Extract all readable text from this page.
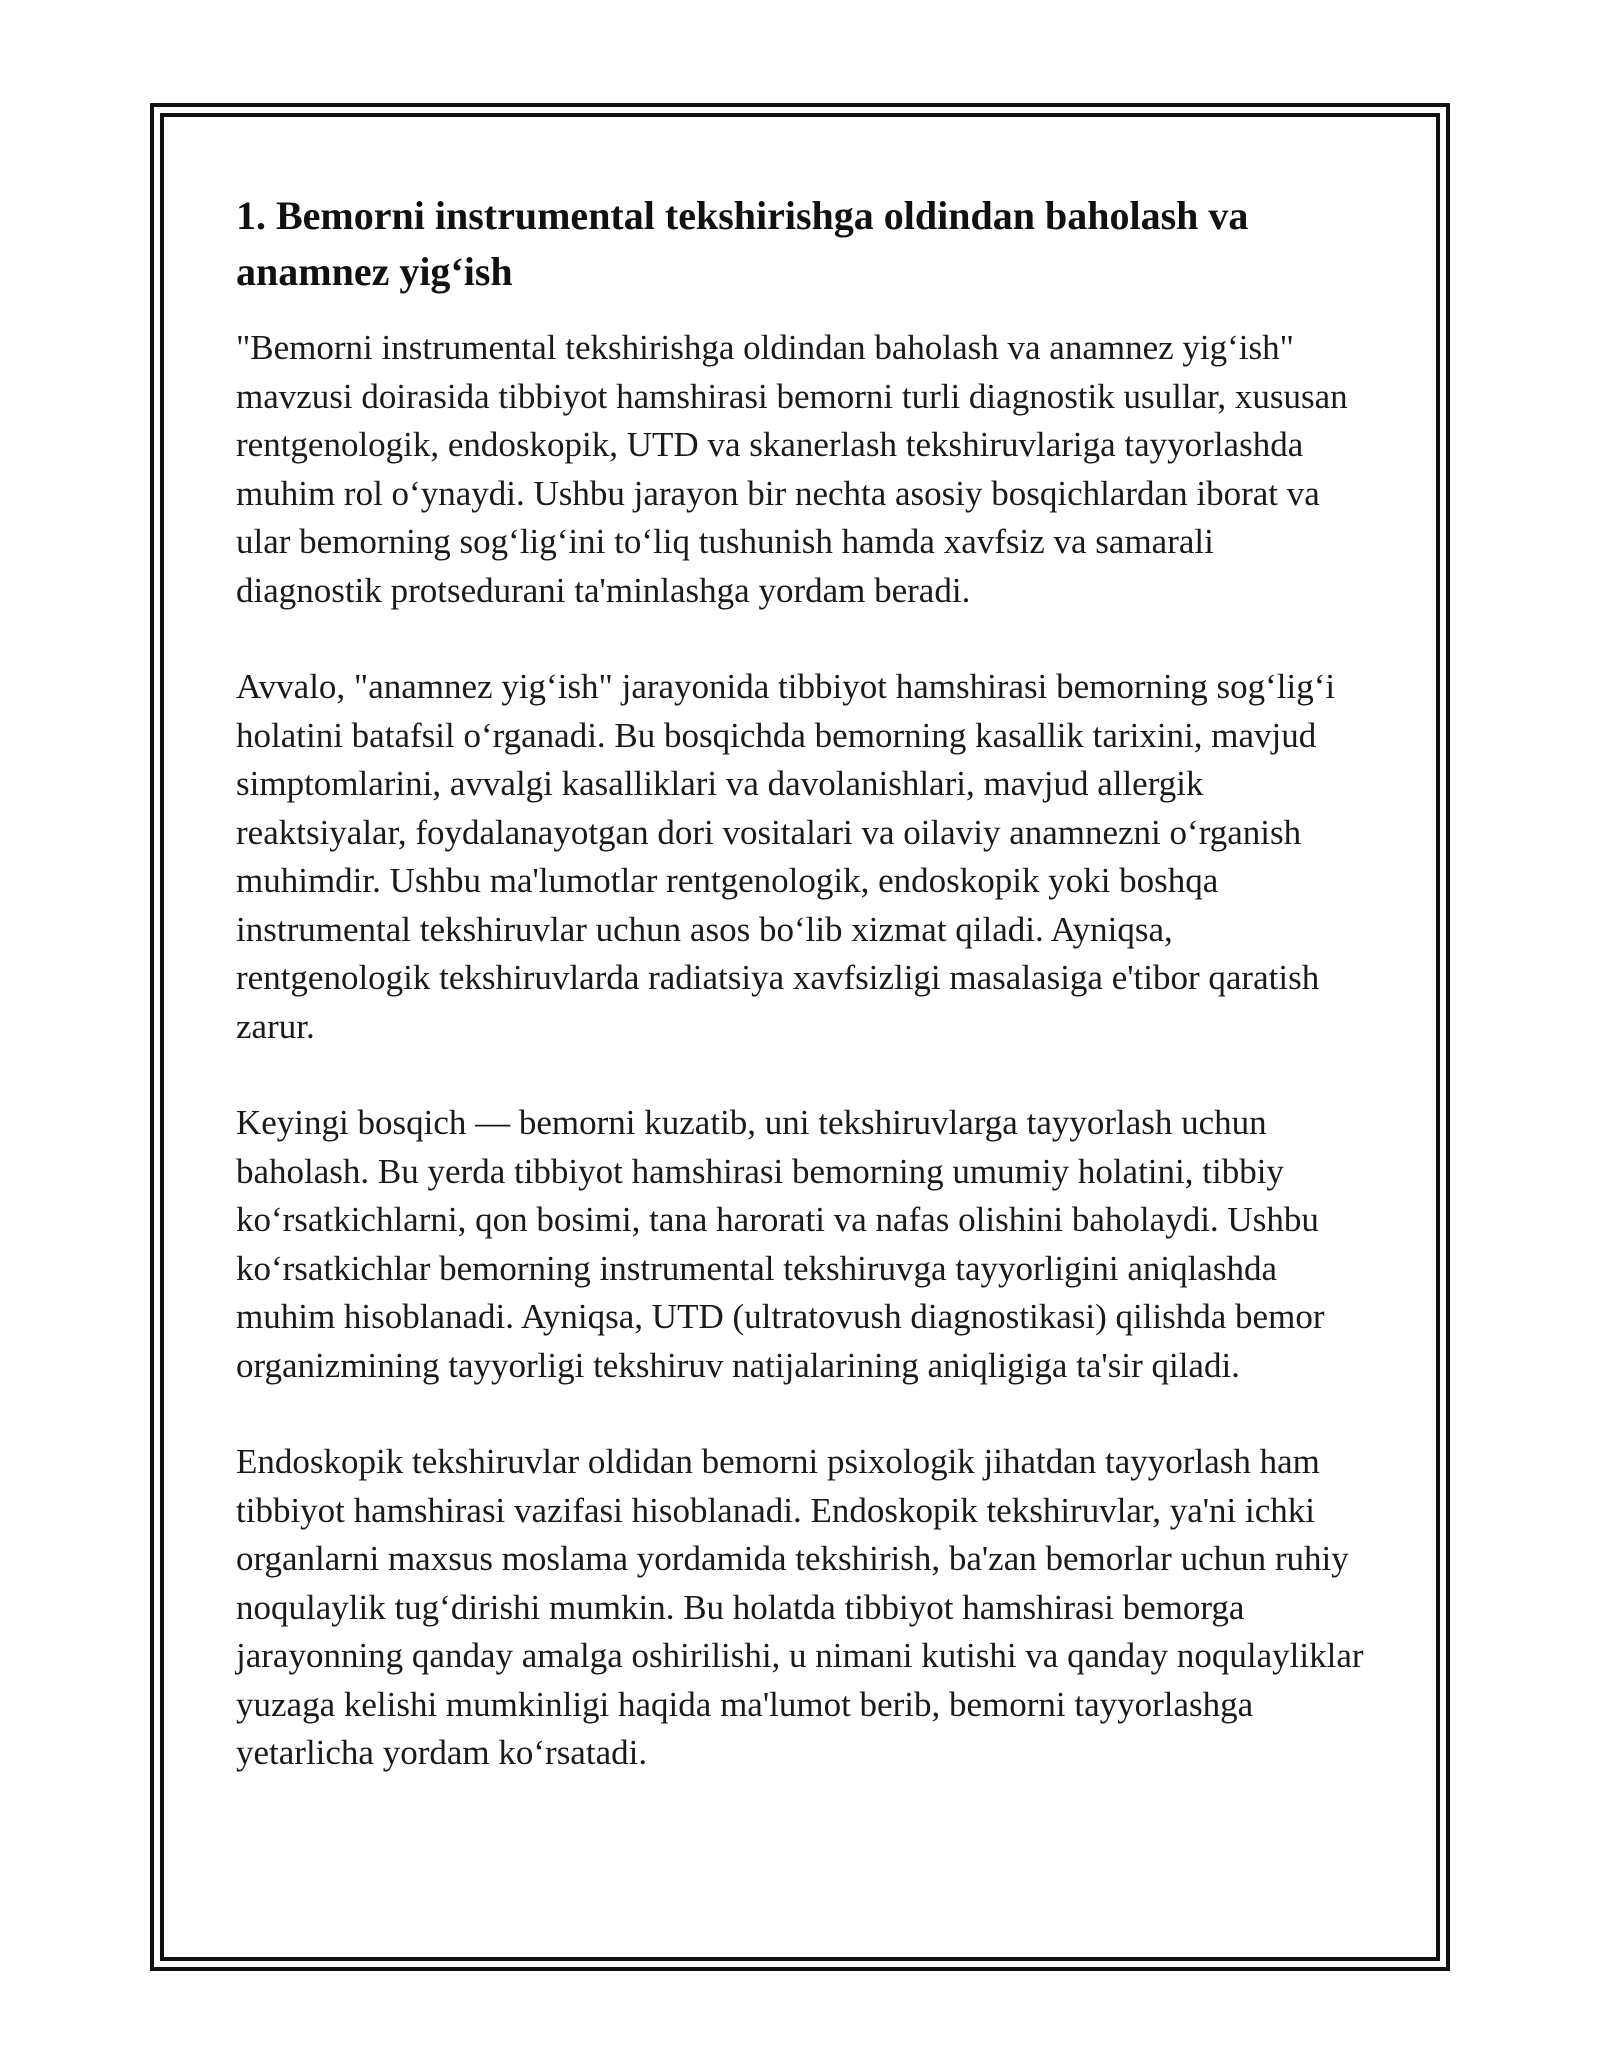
1. Bemorni instrumental tekshirishga oldindan baholash va anamnez yig‘ish

"Bemorni instrumental tekshirishga oldindan baholash va anamnez yig‘ish" mavzusi doirasida tibbiyot hamshirasi bemorni turli diagnostik usullar, xususan rentgenologik, endoskopik, UTD va skanerlash tekshiruvlariga tayyorlashda muhim rol o‘ynaydi. Ushbu jarayon bir nechta asosiy bosqichlardan iborat va ular bemorning sog‘lig‘ini to‘liq tushunish hamda xavfsiz va samarali diagnostik protsedurani ta'minlashga yordam beradi.

Avvalo, "anamnez yig‘ish" jarayonida tibbiyot hamshirasi bemorning sog‘lig‘i holatini batafsil o‘rganadi. Bu bosqichda bemorning kasallik tarixini, mavjud simptomlarini, avvalgi kasalliklari va davolanishlari, mavjud allergik reaktsiyalar, foydalanayotgan dori vositalari va oilaviy anamnezni o‘rganish muhimdir. Ushbu ma'lumotlar rentgenologik, endoskopik yoki boshqa instrumental tekshiruvlar uchun asos bo‘lib xizmat qiladi. Ayniqsa, rentgenologik tekshiruvlarda radiatsiya xavfsizligi masalasiga e'tibor qaratish zarur.

Keyingi bosqich — bemorni kuzatib, uni tekshiruvlarga tayyorlash uchun baholash. Bu yerda tibbiyot hamshirasi bemorning umumiy holatini, tibbiy ko‘rsatkichlarni, qon bosimi, tana harorati va nafas olishini baholaydi. Ushbu ko‘rsatkichlar bemorning instrumental tekshiruvga tayyorligini aniqlashda muhim hisoblanadi. Ayniqsa, UTD (ultratovush diagnostikasi) qilishda bemor organizmining tayyorligi tekshiruv natijalarining aniqligiga ta'sir qiladi.

Endoskopik tekshiruvlar oldidan bemorni psixologik jihatdan tayyorlash ham tibbiyot hamshirasi vazifasi hisoblanadi. Endoskopik tekshiruvlar, ya'ni ichki organlarni maxsus moslama yordamida tekshirish, ba'zan bemorlar uchun ruhiy noqulaylik tug‘dirishi mumkin. Bu holatda tibbiyot hamshirasi bemorga jarayonning qanday amalga oshirilishi, u nimani kutishi va qanday noqulayliklar yuzaga kelishi mumkinligi haqida ma'lumot berib, bemorni tayyorlashga yetarlicha yordam ko‘rsatadi.
